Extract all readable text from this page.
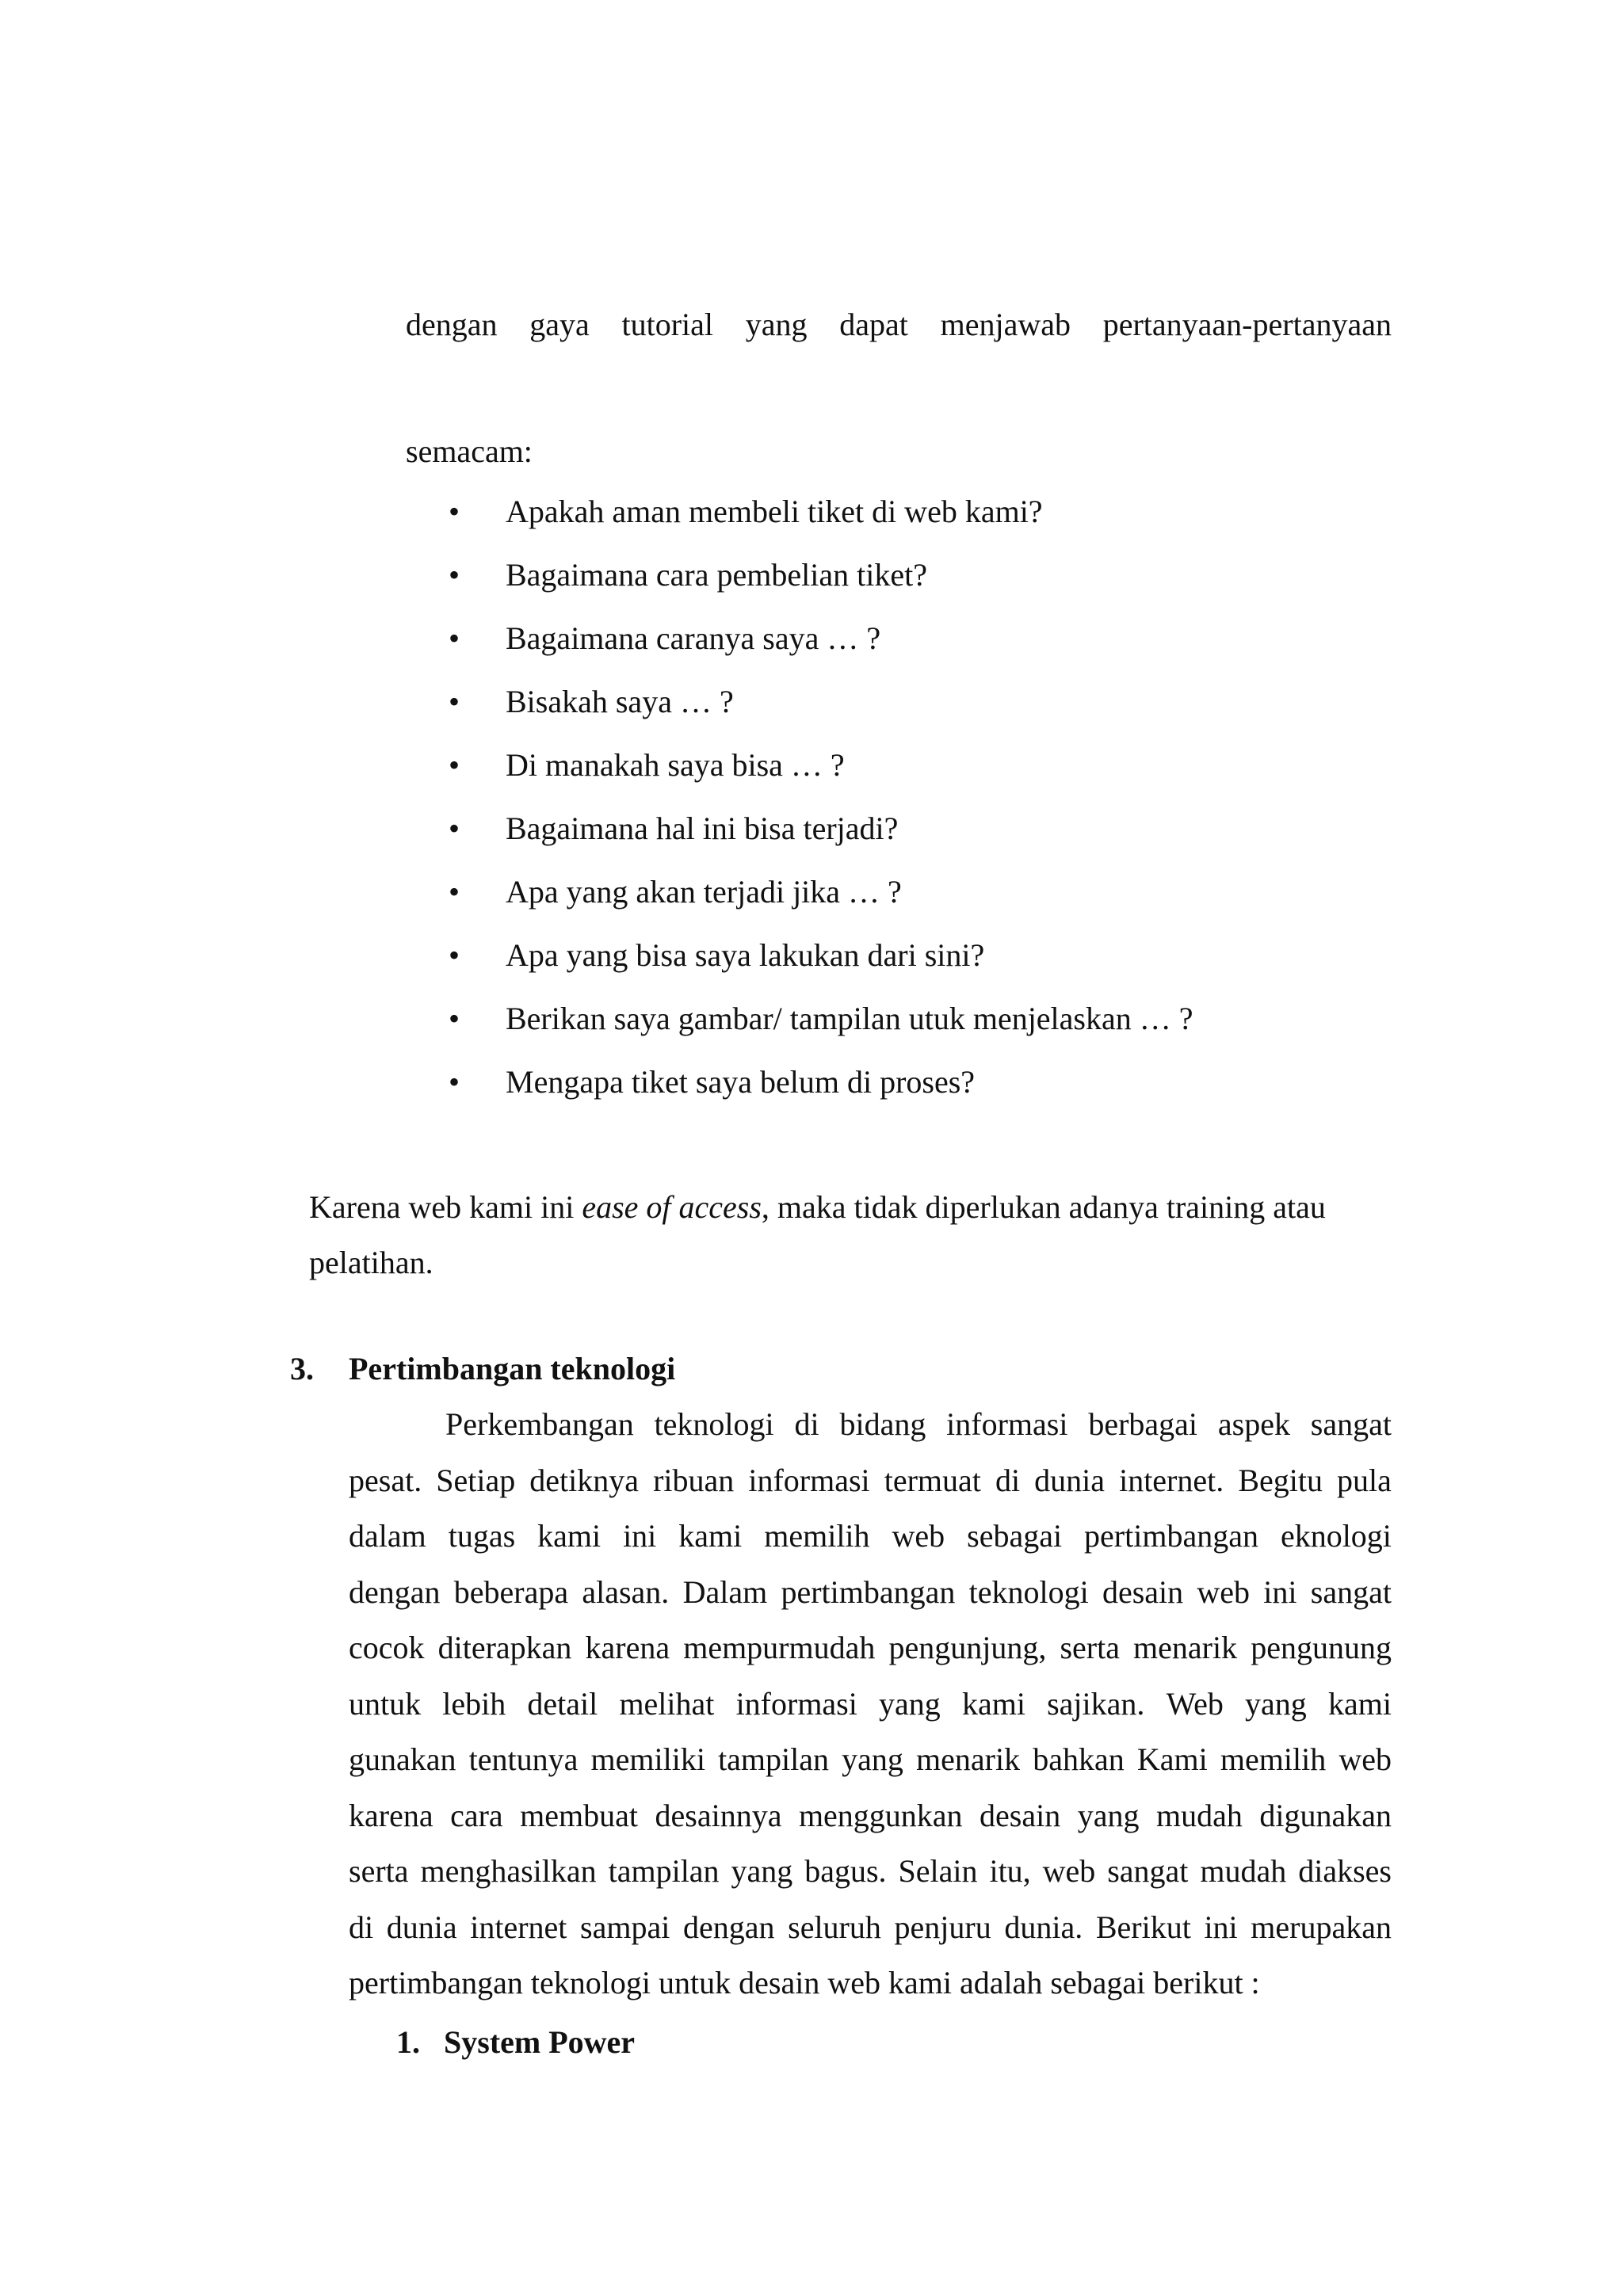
dengan gaya tutorial yang dapat menjawab pertanyaan-pertanyaan
semacam:
• Apakah aman membeli tiket di web kami?
• Bagaimana cara pembelian tiket?
• Bagaimana caranya saya … ?
• Bisakah saya … ?
• Di manakah saya bisa … ?
• Bagaimana hal ini bisa terjadi?
• Apa yang akan terjadi jika … ?
• Apa yang bisa saya lakukan dari sini?
• Berikan saya gambar/ tampilan utuk menjelaskan … ?
• Mengapa tiket saya belum di proses?
Karena web kami ini ease of access, maka tidak diperlukan adanya training atau
pelatihan.
3. Pertimbangan teknologi
Perkembangan teknologi di bidang informasi berbagai aspek sangat
pesat. Setiap detiknya ribuan informasi termuat di dunia internet. Begitu pula
dalam tugas kami ini kami memilih web sebagai pertimbangan eknologi
dengan beberapa alasan. Dalam pertimbangan teknologi desain web ini sangat
cocok diterapkan karena mempurmudah pengunjung, serta menarik pengunung
untuk lebih detail melihat informasi yang kami sajikan. Web yang kami
gunakan tentunya memiliki tampilan yang menarik bahkan Kami memilih web
karena cara membuat desainnya menggunkan desain yang mudah digunakan
serta menghasilkan tampilan yang bagus. Selain itu, web sangat mudah diakses
di dunia internet sampai dengan seluruh penjuru dunia. Berikut ini merupakan
pertimbangan teknologi untuk desain web kami adalah sebagai berikut :
1. System Power
